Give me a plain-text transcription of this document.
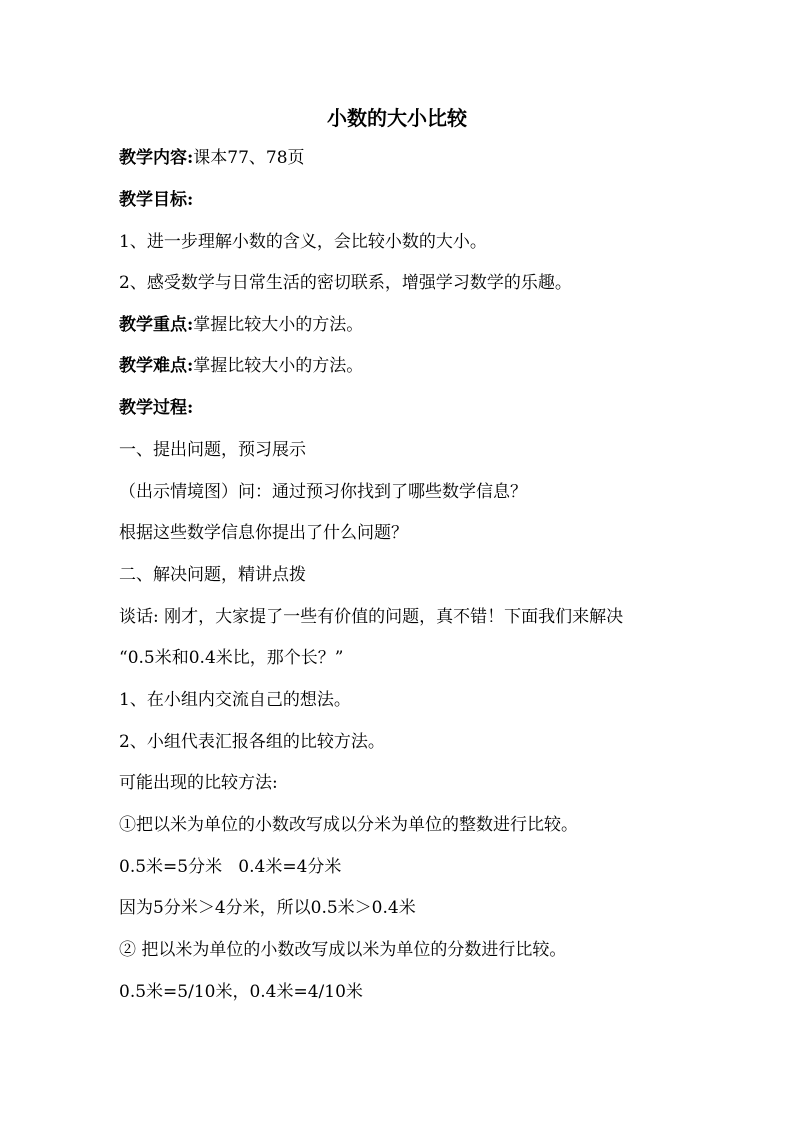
小数的大小比较
教学内容:课本77、78页
教学目标:
1、进一步理解小数的含义，会比较小数的大小。
2、感受数学与日常生活的密切联系，增强学习数学的乐趣。
教学重点:掌握比较大小的方法。
教学难点:掌握比较大小的方法。
教学过程:
一、提出问题，预习展示
（出示情境图）问：通过预习你找到了哪些数学信息？
根据这些数学信息你提出了什么问题？
二、解决问题，精讲点拨
谈话: 刚才，大家提了一些有价值的问题，真不错！下面我们来解决
“0.5米和0.4米比，那个长？”
1、在小组内交流自己的想法。
2、小组代表汇报各组的比较方法。
可能出现的比较方法:
①把以米为单位的小数改写成以分米为单位的整数进行比较。
0.5米=5分米   0.4米=4分米
因为5分米＞4分米，所以0.5米＞0.4米
② 把以米为单位的小数改写成以米为单位的分数进行比较。
0.5米=5/10米，0.4米=4/10米
